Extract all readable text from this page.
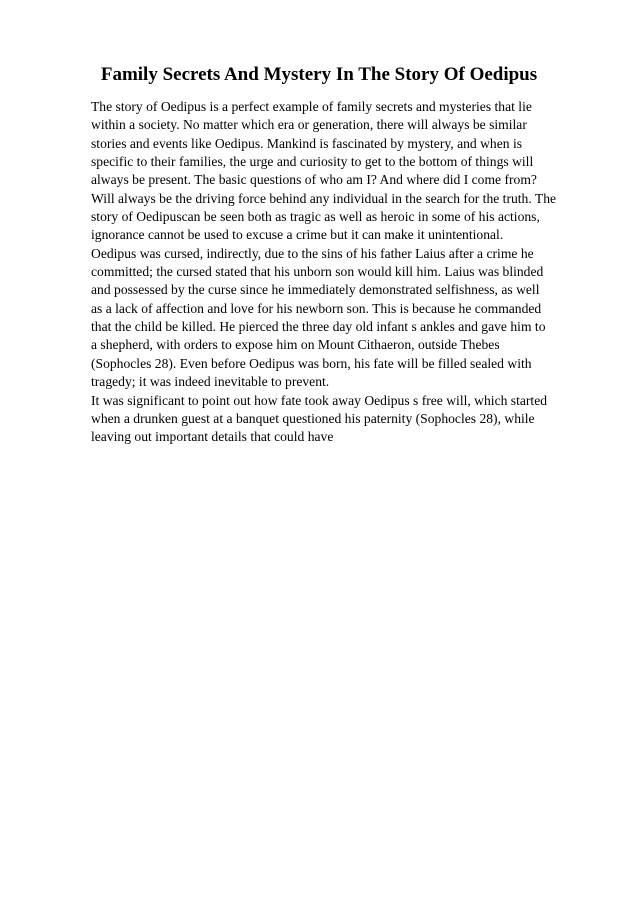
Family Secrets And Mystery In The Story Of Oedipus
The story of Oedipus is a perfect example of family secrets and mysteries that lie
within a society. No matter which era or generation, there will always be similar
stories and events like Oedipus. Mankind is fascinated by mystery, and when is
specific to their families, the urge and curiosity to get to the bottom of things will
always be present. The basic questions of who am I? And where did I come from?
Will always be the driving force behind any individual in the search for the truth. The
story of Oedipuscan be seen both as tragic as well as heroic in some of his actions,
ignorance cannot be used to excuse a crime but it can make it unintentional.
Oedipus was cursed, indirectly, due to the sins of his father Laius after a crime he
committed; the cursed stated that his unborn son would kill him. Laius was blinded
and possessed by the curse since he immediately demonstrated selfishness, as well
as a lack of affection and love for his newborn son. This is because he commanded
that the child be killed. He pierced the three day old infant s ankles and gave him to
a shepherd, with orders to expose him on Mount Cithaeron, outside Thebes
(Sophocles 28). Even before Oedipus was born, his fate will be filled sealed with
tragedy; it was indeed inevitable to prevent.
It was significant to point out how fate took away Oedipus s free will, which started
when a drunken guest at a banquet questioned his paternity (Sophocles 28), while
leaving out important details that could have
